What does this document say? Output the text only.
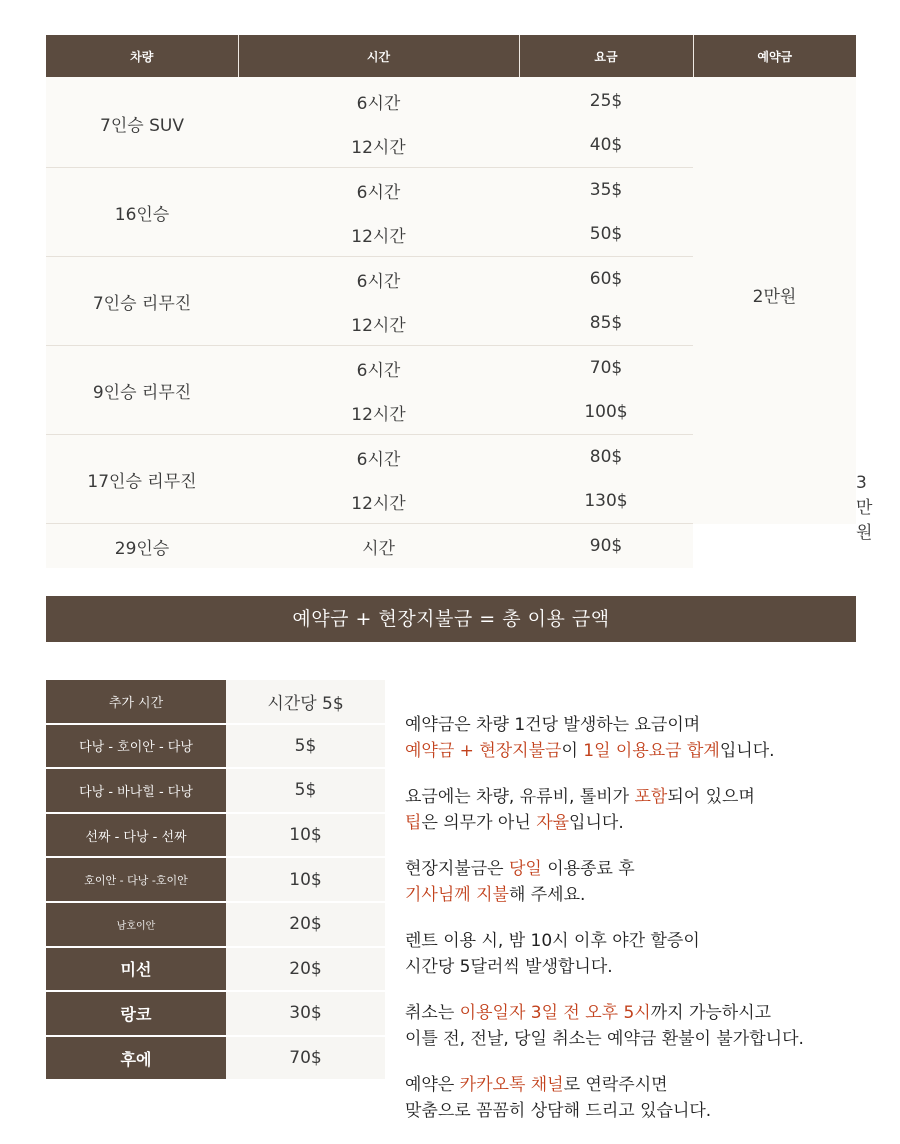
차량	시간	요금	예약금	
7인승 SUV	6시간	25$	2만원	
	12시간	40$		
16인승	6시간	35$		
	12시간	50$		
7인승 리무진	6시간	60$		
	12시간	85$		
9인승 리무진	6시간	70$		
	12시간	100$		
17인승 리무진	6시간	80$		
	12시간	130$		3만원
29인승	시간	90$		
예약금 + 현장지불금 = 총 이용 금액
추가 시간	시간당 5$
다낭 - 호이안 - 다낭	5$
다낭 - 바나힐 - 다낭	5$
선짜 - 다낭 - 선짜	10$
호이안 - 다낭 -호이안	10$
남호이안	20$
미선	20$
랑코	30$
후에	70$

예약금은 차량 1건당 발생하는 요금이며
예약금 + 현장지불금이 1일 이용요금 합계입니다.

요금에는 차량, 유류비, 톨비가 포함되어 있으며
팁은 의무가 아닌 자율입니다.

현장지불금은 당일 이용종료 후
기사님께 지불해 주세요.

렌트 이용 시, 밤 10시 이후 야간 할증이
시간당 5달러씩 발생합니다.

취소는 이용일자 3일 전 오후 5시까지 가능하시고
이틀 전, 전날, 당일 취소는 예약금 환불이 불가합니다.

예약은 카카오톡 채널로 연락주시면
맞춤으로 꼼꼼히 상담해 드리고 있습니다.
